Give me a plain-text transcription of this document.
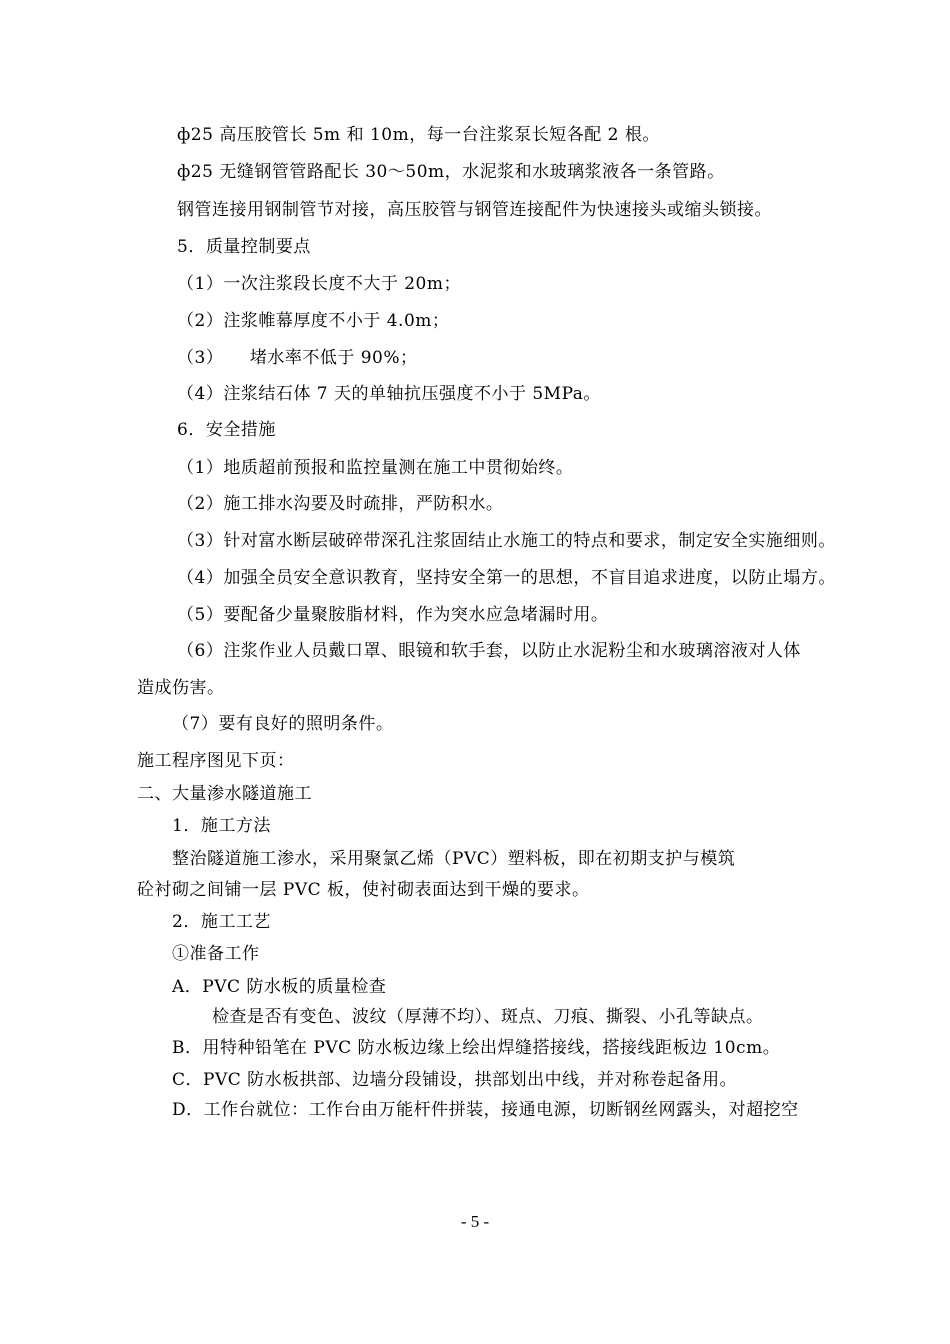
ф25 高压胶管长 5m 和 10m，每一台注浆泵长短各配 2 根。
ф25 无缝钢管管路配长 30～50m，水泥浆和水玻璃浆液各一条管路。
钢管连接用钢制管节对接，高压胶管与钢管连接配件为快速接头或缩头锁接。
5．质量控制要点
（1）一次注浆段长度不大于 20m；
（2）注浆帷幕厚度不小于 4.0m；
（3）　　堵水率不低于 90%；
（4）注浆结石体 7 天的单轴抗压强度不小于 5MPa。
6．安全措施
（1）地质超前预报和监控量测在施工中贯彻始终。
（2）施工排水沟要及时疏排，严防积水。
（3）针对富水断层破碎带深孔注浆固结止水施工的特点和要求，制定安全实施细则。
（4）加强全员安全意识教育，坚持安全第一的思想，不盲目追求进度，以防止塌方。
（5）要配备少量聚胺脂材料，作为突水应急堵漏时用。
（6）注浆作业人员戴口罩、眼镜和软手套，以防止水泥粉尘和水玻璃溶液对人体
造成伤害。
（7）要有良好的照明条件。
施工程序图见下页：
二、大量渗水隧道施工
1．施工方法
整治隧道施工渗水，采用聚氯乙烯（PVC）塑料板，即在初期支护与模筑
砼衬砌之间铺一层 PVC 板，使衬砌表面达到干燥的要求。
2．施工工艺
①准备工作
A．PVC 防水板的质量检查
检查是否有变色、波纹（厚薄不均）、斑点、刀痕、撕裂、小孔等缺点。
B．用特种铅笔在 PVC 防水板边缘上绘出焊缝搭接线，搭接线距板边 10cm。
C．PVC 防水板拱部、边墙分段铺设，拱部划出中线，并对称卷起备用。
D．工作台就位：工作台由万能杆件拼装，接通电源，切断钢丝网露头，对超挖空
- 5 -
